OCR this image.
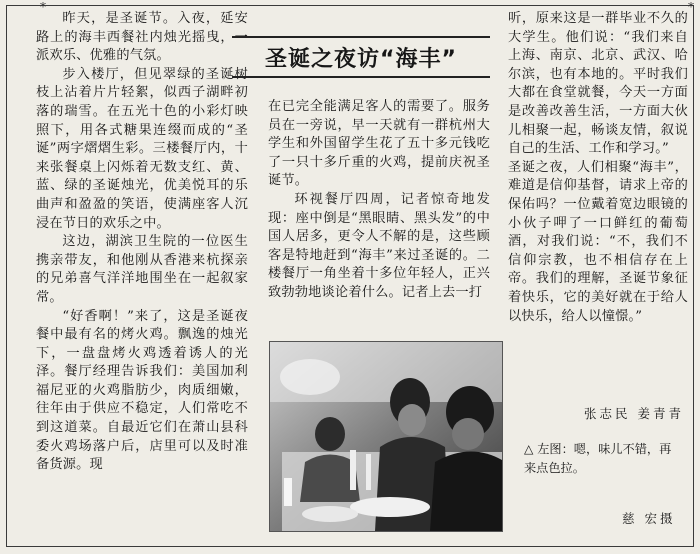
*	*

昨天，是圣诞节。入夜，延安路上的海丰西餐社内烛光摇曳，一派欢乐、优雅的气氛。

步入楼厅，但见翠绿的圣诞树枝上沾着片片轻絮，似西子湖畔初落的瑞雪。在五光十色的小彩灯映照下，用各式糖果连缀而成的“圣诞”两字熠熠生彩。三楼餐厅内，十来张餐桌上闪烁着无数支红、黄、蓝、绿的圣诞烛光，优美悦耳的乐曲声和盈盈的笑语，使满座客人沉浸在节日的欢乐之中。

这边，湖滨卫生院的一位医生携亲带友，和他刚从香港来杭探亲的兄弟喜气洋洋地围坐在一起叙家常。

“好香啊！”来了，这是圣诞夜餐中最有名的烤火鸡。飘逸的烛光下，一盘盘烤火鸡透着诱人的光泽。餐厅经理告诉我们：美国加利福尼亚的火鸡脂肪少，肉质细嫩，往年由于供应不稳定，人们常吃不到这道菜。自最近它们在萧山县科委火鸡场落户后，店里可以及时准备货源。现

圣诞之夜访“海丰”

在已完全能满足客人的需要了。服务员在一旁说，早一天就有一群杭州大学生和外国留学生花了五十多元钱吃了一只十多斤重的火鸡，提前庆祝圣诞节。

环视餐厅四周，记者惊奇地发现：座中倒是“黑眼睛、黑头发”的中国人居多，更令人不解的是，这些顾客是特地赶到“海丰”来过圣诞的。二楼餐厅一角坐着十多位年轻人，正兴致勃勃地谈论着什么。记者上去一打

听，原来这是一群毕业不久的大学生。他们说：“我们来自上海、南京、北京、武汉、哈尔滨，也有本地的。平时我们大都在食堂就餐，今天一方面是改善改善生活，一方面大伙儿相聚一起，畅谈友情，叙说自己的生活、工作和学习。”

圣诞之夜，人们相聚“海丰”，难道是信仰基督，请求上帝的保佑吗？一位戴着宽边眼镜的小伙子呷了一口鲜红的葡萄酒，对我们说：“不，我们不信仰宗教，也不相信存在上帝。我们的理解，圣诞节象征着快乐，它的美好就在于给人以快乐，给人以憧憬。”

张志民 姜青青
△ 左图：嗯，味儿不错，再来点色拉。
慈 宏摄
